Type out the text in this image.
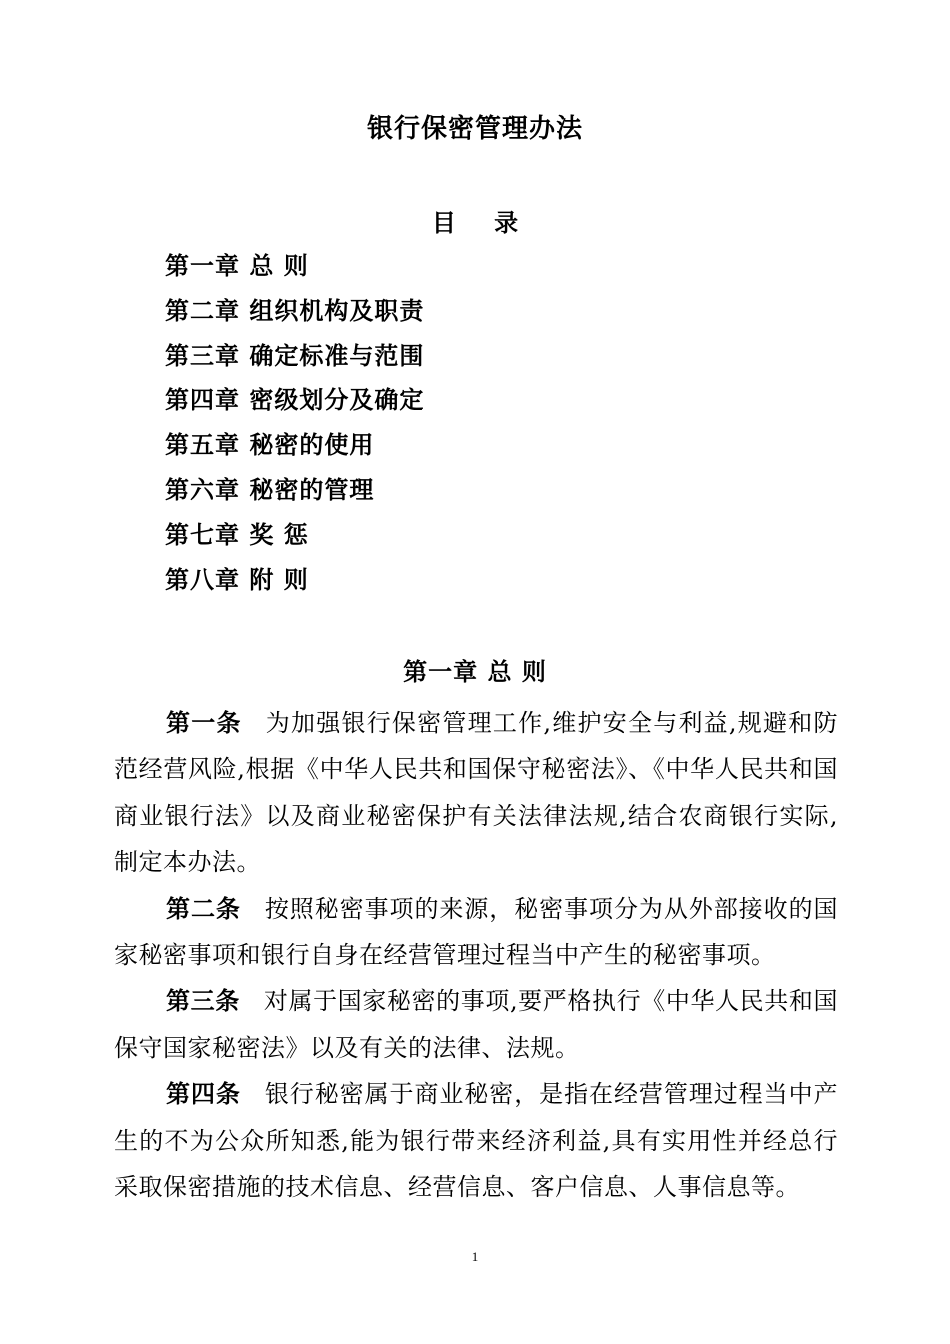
银行保密管理办法
目 录
第一章 总 则
第二章 组织机构及职责
第三章 确定标准与范围
第四章 密级划分及确定
第五章 秘密的使用
第六章 秘密的管理
第七章 奖 惩
第八章 附 则
第一章 总 则

第一条 为加强银行保密管理工作,维护安全与利益,规避和防范经营风险,根据《中华人民共和国保守秘密法》、《中华人民共和国商业银行法》以及商业秘密保护有关法律法规,结合农商银行实际,制定本办法。

第二条 按照秘密事项的来源，秘密事项分为从外部接收的国家秘密事项和银行自身在经营管理过程当中产生的秘密事项。

第三条 对属于国家秘密的事项,要严格执行《中华人民共和国保守国家秘密法》以及有关的法律、法规。

第四条 银行秘密属于商业秘密，是指在经营管理过程当中产生的不为公众所知悉,能为银行带来经济利益,具有实用性并经总行采取保密措施的技术信息、经营信息、客户信息、人事信息等。

1
